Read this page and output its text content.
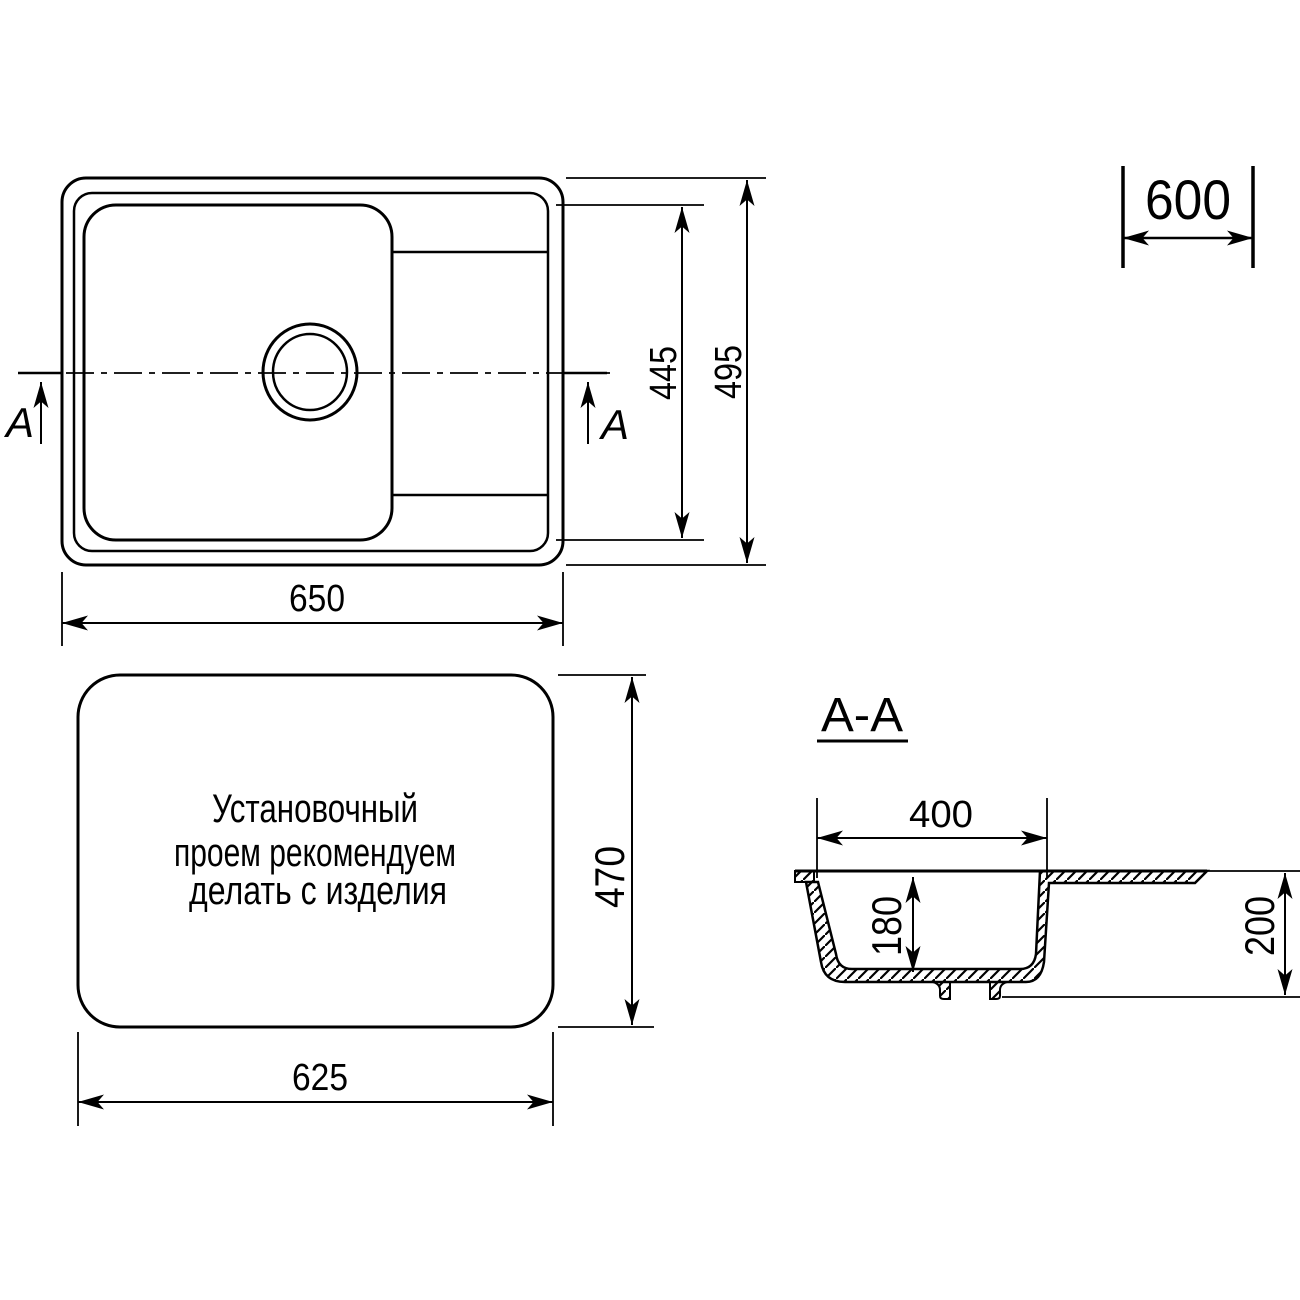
A	A
650
445 495
600
Установочный
проем рекомендуем
делать с изделия	470
625
A-A
400
180	200
